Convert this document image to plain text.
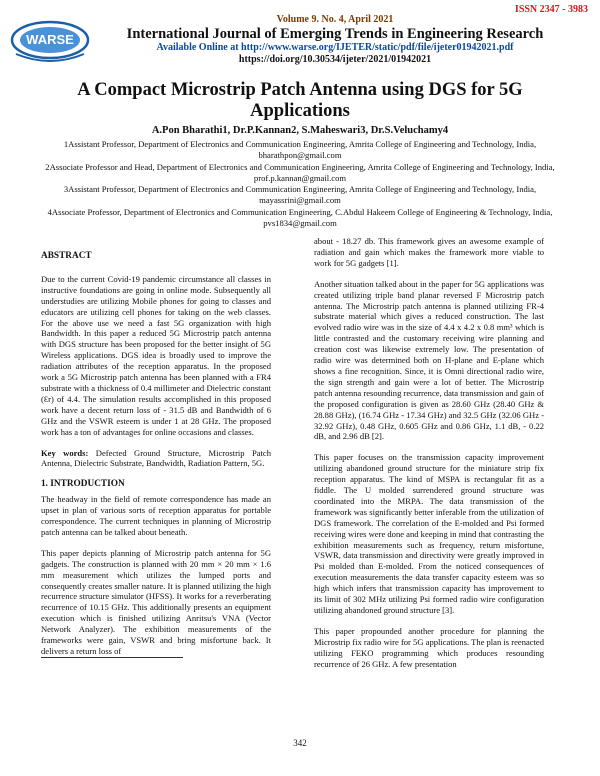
ISSN 2347 - 3983
WARSE
Volume 9. No. 4, April 2021
International Journal of Emerging Trends in Engineering Research
Available Online at http://www.warse.org/IJETER/static/pdf/file/ijeter01942021.pdf
https://doi.org/10.30534/ijeter/2021/01942021
A Compact Microstrip Patch Antenna using DGS for 5G Applications
A.Pon Bharathi1, Dr.P.Kannan2, S.Maheswari3, Dr.S.Veluchamy4

1Assistant Professor, Department of Electronics and Communication Engineering, Amrita College of Engineering and Technology, India, bharathpon@gmail.com

2Associate Professor and Head, Department of Electronics and Communication Engineering, Amrita College of Engineering and Technology, India, prof.p.kannan@gmail.com

3Assistant Professor, Department of Electronics and Communication Engineering, Amrita College of Engineering and Technology, India, mayassrini@gmail.com

4Associate Professor, Department of Electronics and Communication Engineering, C.Abdul Hakeem College of Engineering & Technology, India, pvs1834@gmail.com

ABSTRACT

Due to the current Covid-19 pandemic circumstance all classes in instructive foundations are going in online mode. Subsequently all understudies are utilizing Mobile phones for going to classes and educators are utilizing cell phones for taking on the web classes. For the above use we need a fast 5G organization with high Bandwidth. In this paper a reduced 5G Microstrip patch antenna with DGS structure has been proposed for the better insight of 5G Wireless applications. DGS idea is broadly used to improve the radiation attributes of the reception apparatus. In the proposed work a 5G Microstrip patch antenna has been planned with a FR4 substrate with a thickness of 0.4 millimeter and Dielectric constant (Ɛr) of 4.4. The simulation results accomplished in this proposed work have a decent return loss of - 31.5 dB and Bandwidth of 6 GHz and the VSWR esteem is under 1 at 28 GHz. The proposed work has a ton of advantages for online occasions and classes.

Key words: Defected Ground Structure, Microstrip Patch Antenna, Dielectric Substrate, Bandwidth, Radiation Pattern, 5G.

1. INTRODUCTION

The headway in the field of remote correspondence has made an upset in plan of various sorts of reception apparatus for portable correspondence. The current techniques in planning of Microstrip patch antenna can be talked about beneath.

This paper depicts planning of Microstrip patch antenna for 5G gadgets. The construction is planned with 20 mm × 20 mm × 1.6 mm measurement which utilizes the lumped ports and consequently creates smaller nature. It is planned utilizing the high recurrence structure simulator (HFSS). It works for a reverberating recurrence of 10.15 GHz. This additionally presents an equipment execution which is finished utilizing Anritsu's VNA (Vector Network Analyzer). The exhibition measurements of the frameworks were gain, VSWR and bring misfortune back. It delivers a return loss of

about - 18.27 db. This framework gives an awesome example of radiation and gain which makes the framework more viable to work for 5G gadgets [1].

Another situation talked about in the paper for 5G applications was created utilizing triple band planar reversed F Microstrip patch antenna. The Microstrip patch antenna is planned utilizing FR-4 substrate material which gives a reduced construction. The last evolved radio wire was in the size of 4.4 x 4.2 x 0.8 mm³ which is little contrasted and the customary receiving wire planning and creation cost was likewise extremely low. The presentation of radio wire was determined both on H-plane and E-plane which shows a fine recognition. Since, it is Omni directional radio wire, the sign strength and gain were a lot of better. The Microstrip patch antenna resounding recurrence, data transmission and gain of the proposed configuration is given as 28.60 GHz (28.40 GHz & 28.88 GHz), (16.74 GHz - 17.34 GHz) and 32.5 GHz (32.06 GHz - 32.92 GHz), 0.48 GHz, 0.605 GHz and 0.86 GHz, 1.1 dB, - 0.22 dB, and 2.96 dB [2].

This paper focuses on the transmission capacity improvement utilizing abandoned ground structure for the miniature strip fix reception apparatus. The kind of MSPA is rectangular fit as a fiddle. The U molded surrendered ground structure was coordinated into the MRPA. The data transmission of the framework was significantly better inferable from the utilization of DGS framework. The correlation of the E-molded and Psi formed receiving wires were done and keeping in mind that contrasting the exhibition measurements such as frequency, return misfortune, VSWR, data transmission and directivity were greatly improved in Psi molded than E-molded. From the noticed consequences of execution measurements the data transfer capacity esteem was so high which infers that transmission capacity has improvement to its limit of 302 MHz utilizing Psi formed radio wire configuration utilizing abandoned ground structure [3].

This paper propounded another procedure for planning the Microstrip fix radio wire for 5G applications. The plan is reenacted utilizing FEKO programming which produces resounding recurrence of 26 GHz. A few presentation

342
